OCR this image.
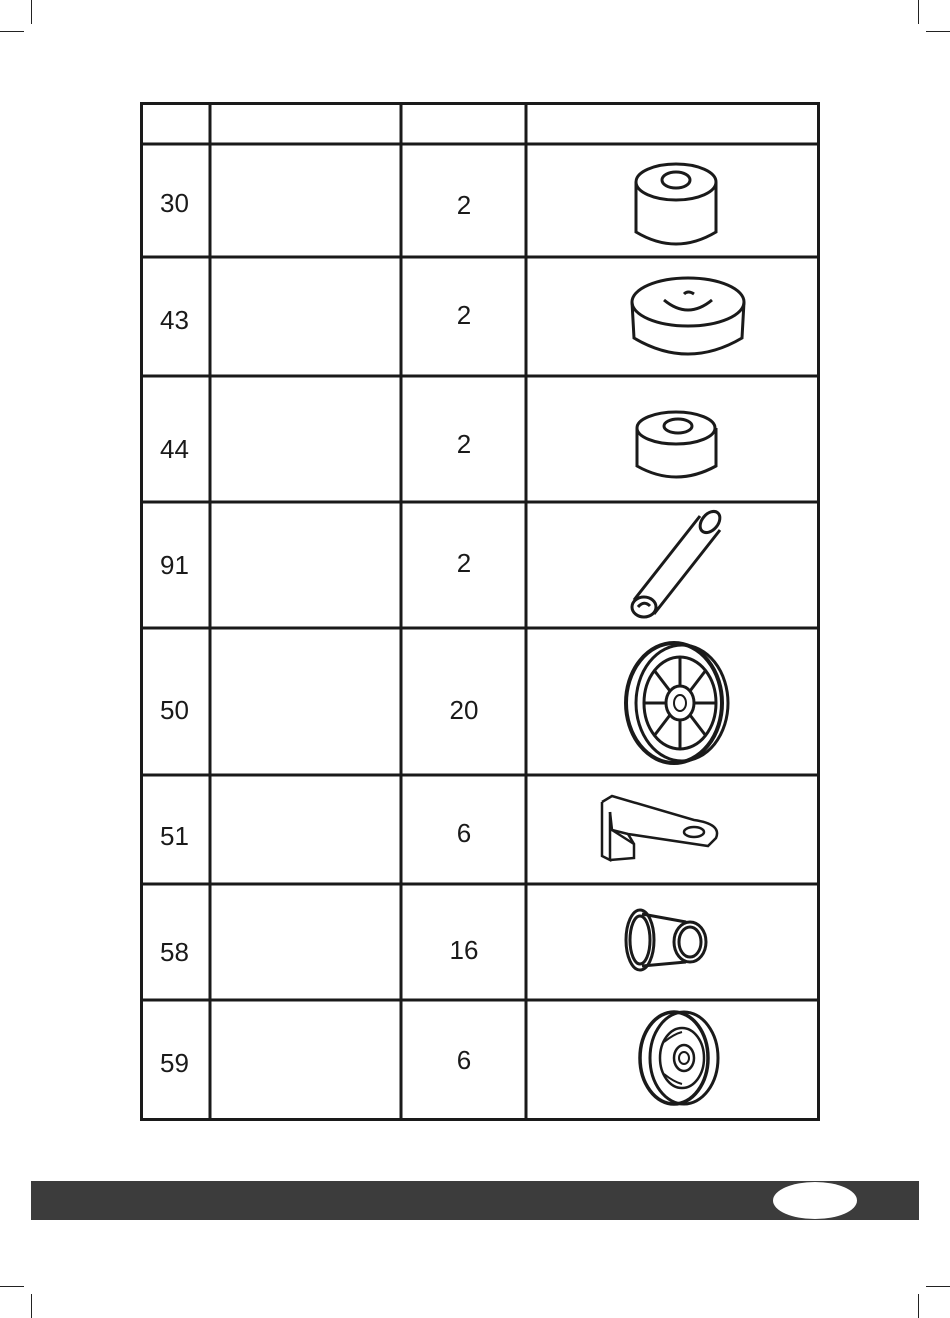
30	2
43	2
44	2
91	2
50	20
51	6
58	16
59	6
